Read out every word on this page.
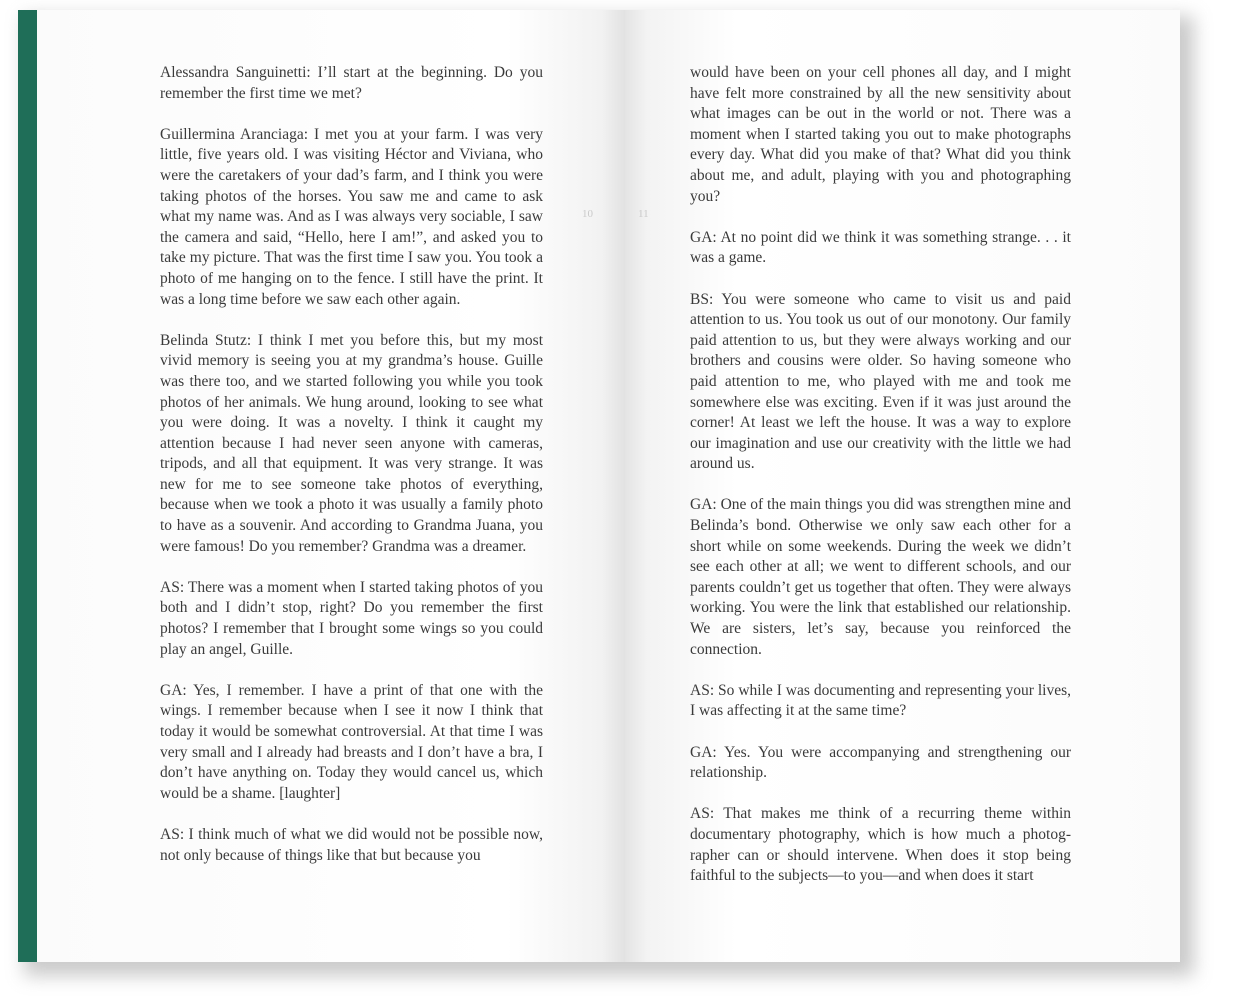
10	11

Alessandra Sanguinetti: I’ll start at the beginning. Do you remember the first time we met?

Guillermina Aranciaga: I met you at your farm. I was very little, five years old. I was visiting Héctor and Viviana, who were the caretakers of your dad’s farm, and I think you were taking photos of the horses. You saw me and came to ask what my name was. And as I was always very sociable, I saw the camera and said, “Hello, here I am!”, and asked you to take my picture. That was the first time I saw you. You took a photo of me hanging on to the fence. I still have the print. It was a long time before we saw each other again.

Belinda Stutz: I think I met you before this, but my most vivid memory is seeing you at my grandma’s house. Guille was there too, and we started following you while you took photos of her animals. We hung around, looking to see what you were doing. It was a novelty. I think it caught my attention because I had never seen anyone with cameras, tripods, and all that equipment. It was very strange. It was new for me to see someone take photos of everything, because when we took a photo it was usually a family photo to have as a souvenir. And according to Grandma Juana, you were famous! Do you remember? Grandma was a dreamer.

AS: There was a moment when I started taking photos of you both and I didn’t stop, right? Do you remember the first photos? I remember that I brought some wings so you could play an angel, Guille.

GA: Yes, I remember. I have a print of that one with the wings. I remember because when I see it now I think that today it would be somewhat controversial. At that time I was very small and I already had breasts and I don’t have a bra, I don’t have anything on. Today they would cancel us, which would be a shame. [laughter]

AS: I think much of what we did would not be possible now, not only because of things like that but because you

would have been on your cell phones all day, and I might have felt more constrained by all the new sensitivity about what images can be out in the world or not. There was a moment when I started taking you out to make photographs every day. What did you make of that? What did you think about me, and adult, playing with you and photographing you?

GA: At no point did we think it was something strange. . . it was a game.

BS: You were someone who came to visit us and paid attention to us. You took us out of our monotony. Our family paid attention to us, but they were always working and our brothers and cousins were older. So having someone who paid attention to me, who played with me and took me somewhere else was exciting. Even if it was just around the corner! At least we left the house. It was a way to explore our imagination and use our creativity with the little we had around us.

GA: One of the main things you did was strengthen mine and Belinda’s bond. Otherwise we only saw each other for a short while on some weekends. During the week we didn’t see each other at all; we went to different schools, and our parents couldn’t get us together that often. They were always working. You were the link that established our relationship. We are sisters, let’s say, because you reinforced the connection.

AS: So while I was documenting and representing your lives, I was affecting it at the same time?

GA: Yes. You were accompanying and strengthening our relationship.

AS: That makes me think of a recurring theme within documentary photography, which is how much a photographer can or should intervene. When does it stop being faithful to the subjects—to you—and when does it start
